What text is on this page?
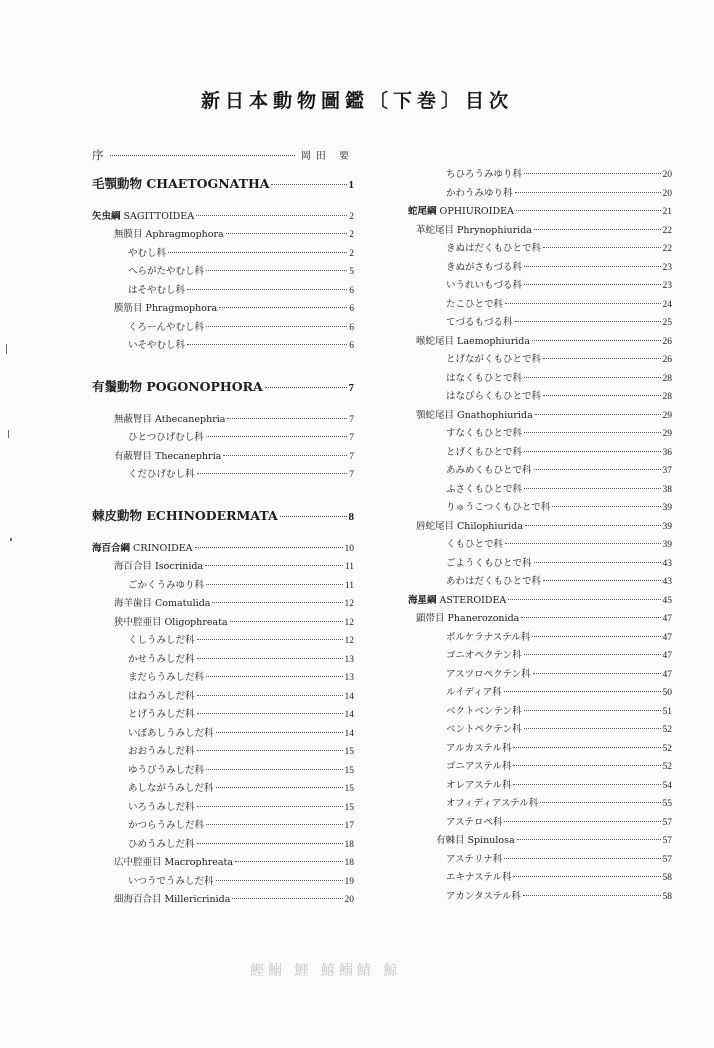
新日本動物圖鑑〔下巻〕目次
序	岡田 要
毛顎動物 CHAETOGNATHA	1
矢虫綱 SAGITTOIDEA	2
無膜目 Aphragmophora	2
やむし科	2
へらがたやむし科	5
はそやむし科	6
膜筋目 Phragmophora	6
くろーんやむし科	6
いそやむし科	6
有鬚動物 POGONOPHORA	7
無蔽腎目 Athecanephria	7
ひとつひげむし科	7
有蔽腎目 Thecanephria	7
くだひげむし科	7
棘皮動物 ECHINODERMATA	8
海百合綱 CRINOIDEA	10
海百合目 Isocrinida	11
ごかくうみゆり科	11
海羊歯目 Comatulida	12
狭中腔亜目 Oligophreata	12
くしうみしだ科	12
かせうみしだ科	13
まだらうみしだ科	13
はねうみしだ科	14
とげうみしだ科	14
いぼあしうみしだ科	14
おおうみしだ科	15
ゆうびうみしだ科	15
あしながうみしだ科	15
いろうみしだ科	15
かつらうみしだ科	17
ひめうみしだ科	18
広中腔亜目 Macrophreata	18
いつうでうみしだ科	19
細海百合目 Millericrinida	20
ちひろうみゆり科	20
かわうみゆり科	20
蛇尾綱 OPHIUROIDEA	21
革蛇尾目 Phrynophiurida	22
きぬはだくもひとで科	22
きぬがさもづる科	23
いうれいもづる科	23
たこひとで科	24
てづるもづる科	25
喉蛇尾目 Laemophiurida	26
とげながくもひとで科	26
はなくもひとで科	28
はなびらくもひとで科	28
顎蛇尾目 Gnathophiurida	29
すなくもひとで科	29
とげくもひとで科	36
あみめくもひとで科	37
ふさくもひとで科	38
りゅうこつくもひとで科	39
唇蛇尾目 Chilophiurida	39
くもひとで科	39
ごようくもひとで科	43
あわはだくもひとで科	43
海星綱 ASTEROIDEA	45
顕帯目 Phanerozonida	47
ボルケラナステル科	47
ゴニオペクテン科	47
アスツロペクテン科	47
ルイディア科	50
ベクトベンテン科	51
ベントペクテン科	52
アルカステル科	52
ゴニアステル科	52
オレアステル科	54
オフィディアステル科	55
アステロペ科	57
有棘目 Spinulosa	57
アステリナ科	57
エキナステル科	58
アカンタステル科	58
鰹鰯 鯉 鱚鰯鯖 鯨
